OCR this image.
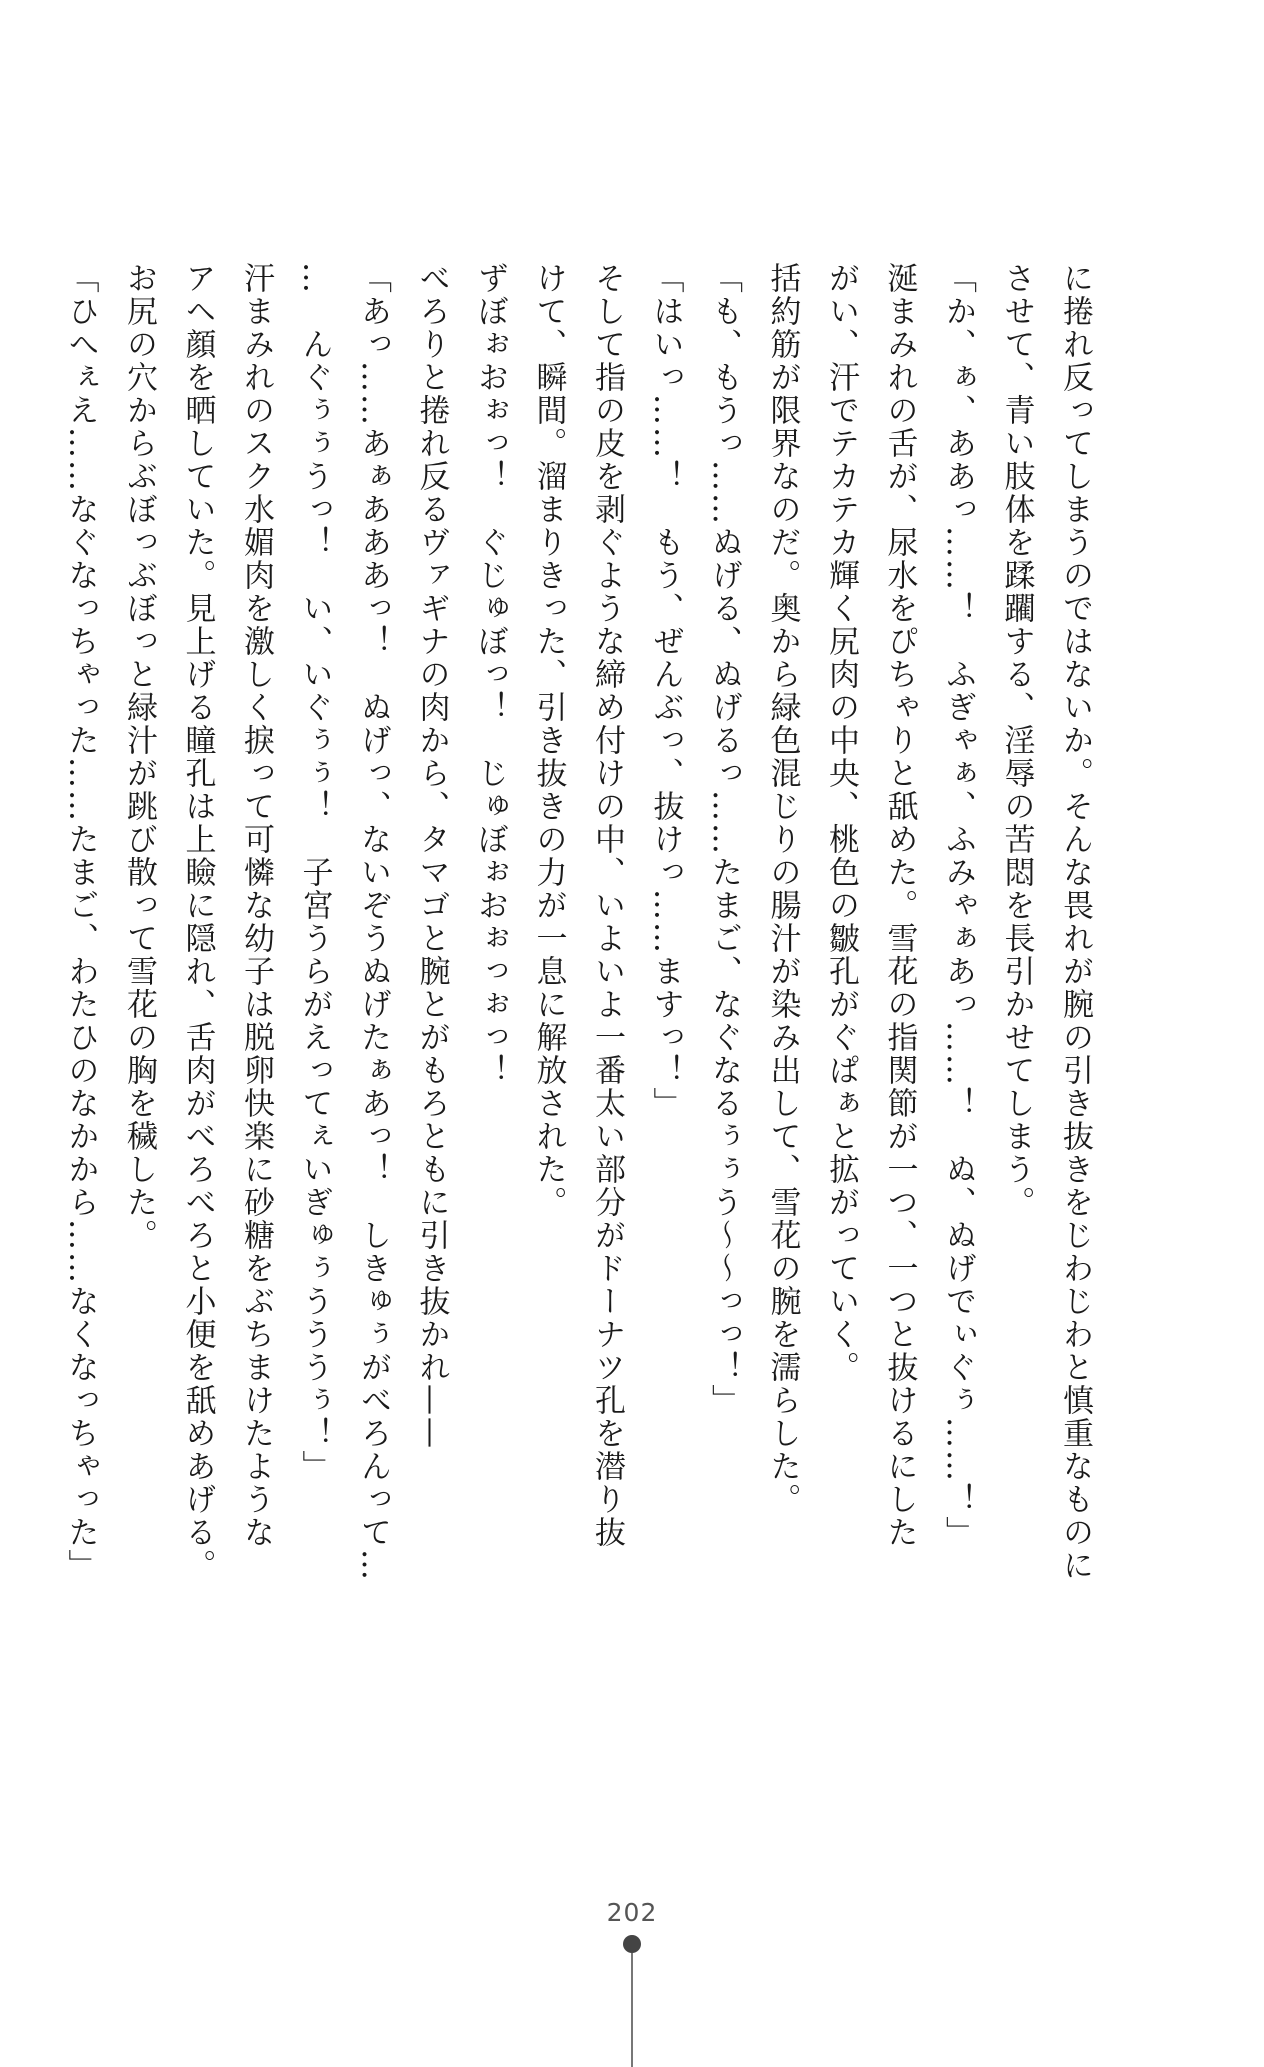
に捲れ反ってしまうのではないか。そんな畏れが腕の引き抜きをじわじわと慎重なものに
させて、青い肢体を蹂躙する、淫辱の苦悶を長引かせてしまう。
「か、ぁ、ああっ……！　ふぎゃぁ、ふみゃぁあっ……！　ぬ、ぬげでぃぐぅ……！」
涎まみれの舌が、尿水をぴちゃりと舐めた。雪花の指関節が一つ、一つと抜けるにした
がい、汗でテカテカ輝く尻肉の中央、桃色の皺孔がぐぱぁと拡がっていく。
括約筋が限界なのだ。奥から緑色混じりの腸汁が染み出して、雪花の腕を濡らした。
「も、もうっ……ぬげる、ぬげるっ……たまご、なぐなるぅぅう〜〜っっ！」
「はいっ……！　もう、ぜんぶっ、抜けっ……ますっ！」
そして指の皮を剥ぐような締め付けの中、いよいよ一番太い部分がドーナツ孔を潜り抜
けて、瞬間。溜まりきった、引き抜きの力が一息に解放された。
ずぼぉおぉっ！　ぐじゅぼっ！　じゅぼぉおぉっぉっ！
べろりと捲れ反るヴァギナの肉から、タマゴと腕とがもろともに引き抜かれ——
「あっ……あぁあああっ！　ぬげっ、ないぞうぬげたぁあっ！　しきゅぅがべろんって…
…　んぐぅぅうっ！　い、いぐぅぅ！　子宮うらがえってぇいぎゅぅうううぅ！」
汗まみれのスク水媚肉を激しく捩って可憐な幼子は脱卵快楽に砂糖をぶちまけたような
アヘ顔を晒していた。見上げる瞳孔は上瞼に隠れ、舌肉がべろべろと小便を舐めあげる。
お尻の穴からぶぼっぶぼっと緑汁が跳び散って雪花の胸を穢した。
「ひへぇえ……なぐなっちゃった……たまご、わたひのなかから……なくなっちゃった」
202
